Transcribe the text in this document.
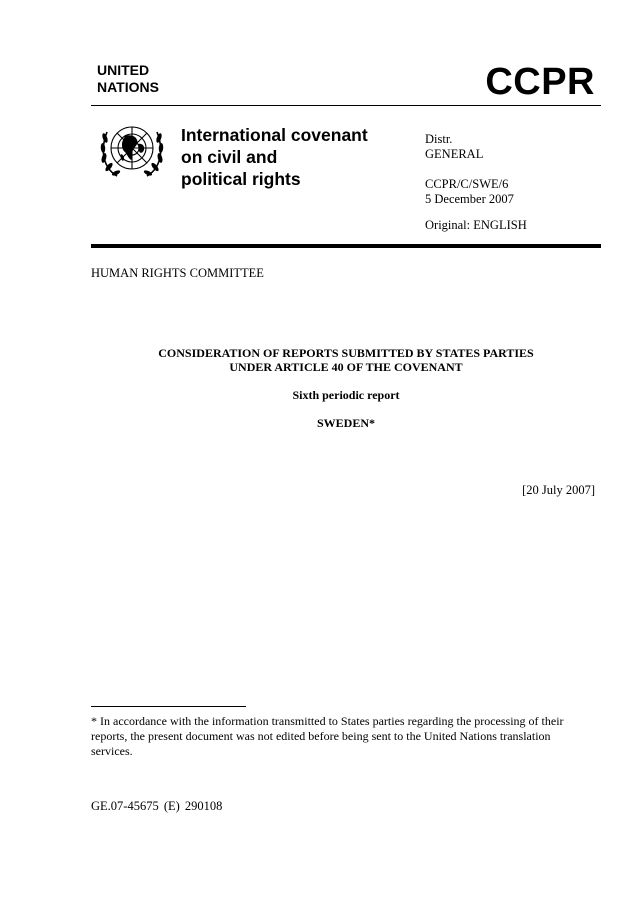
UNITED
NATIONS	CCPR
International covenant
on civil and
political rights
Distr.
GENERAL
CCPR/C/SWE/6
5 December 2007
Original: ENGLISH
HUMAN RIGHTS COMMITTEE
CONSIDERATION OF REPORTS SUBMITTED BY STATES PARTIES
UNDER ARTICLE 40 OF THE COVENANT
Sixth periodic report
SWEDEN*
[20 July 2007]
* In accordance with the information transmitted to States parties regarding the processing of their reports, the present document was not edited before being sent to the United Nations translation services.
GE.07-45675 (E) 290108
